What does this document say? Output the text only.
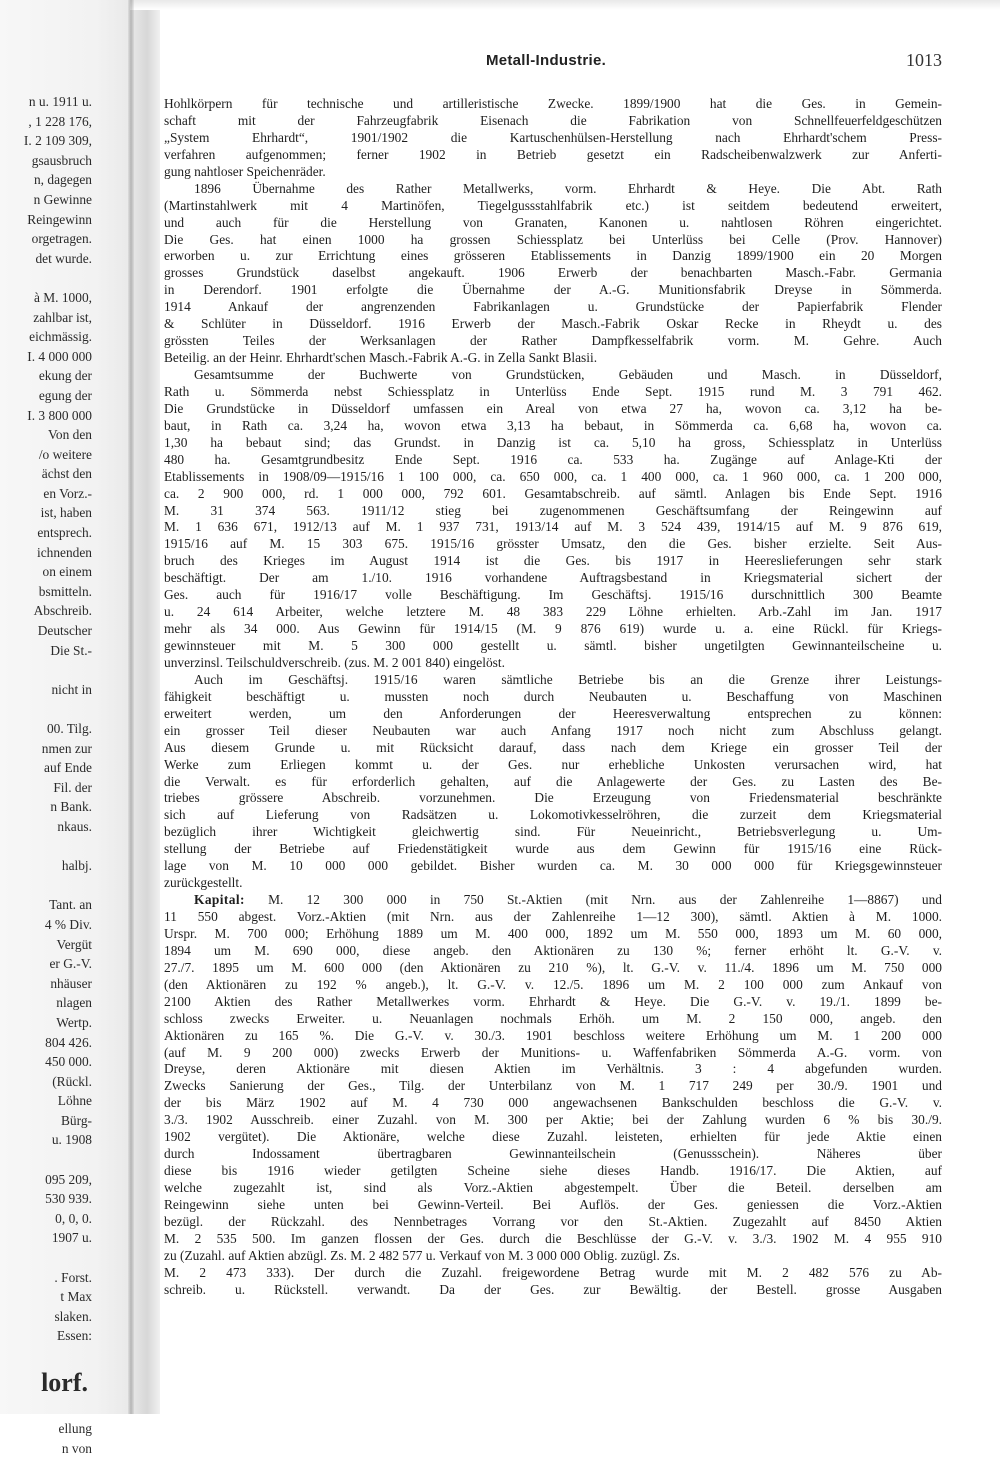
n u. 1911 u.
, 1 228 176,
I. 2 109 309,
gsausbruch
n, dagegen
n Gewinne
Reingewinn
orgetragen.
det wurde.
à M. 1000,
zahlbar ist,
eichmässig.
I. 4 000 000
ekung der
egung der
I. 3 800 000
Von den
/o weitere
ächst den
en Vorz.-
ist, haben
entsprech.
ichnenden
on einem
bsmitteln.
Abschreib.
Deutscher
Die St.-
nicht in
00. Tilg.
nmen zur
auf Ende
Fil. der
n Bank.
nkaus.
halbj.
Tant. an
4 % Div.
Vergüt
er G.-V.
nhäuser
nlagen
Wertp.
804 426.
450 000.
(Rückl.
Löhne
Bürg-
u. 1908
095 209,
530 939.
0, 0, 0.
1907 u.
. Forst.
t Max
slaken.
Essen:
lorf.
ellung
n von
Metall-Industrie.	1013
Hohlkörpern für technische und artilleristische Zwecke. 1899/1900 hat die Ges. in Gemein-
schaft mit der Fahrzeugfabrik Eisenach die Fabrikation von Schnellfeuerfeldgeschützen
„System Ehrhardt“, 1901/1902 die Kartuschenhülsen-Herstellung nach Ehrhardt'schem Press-
verfahren aufgenommen; ferner 1902 in Betrieb gesetzt ein Radscheibenwalzwerk zur Anferti-
gung nahtloser Speichenräder.
1896 Übernahme des Rather Metallwerks, vorm. Ehrhardt & Heye. Die Abt. Rath
(Martinstahlwerk mit 4 Martinöfen, Tiegelgussstahlfabrik etc.) ist seitdem bedeutend erweitert,
und auch für die Herstellung von Granaten, Kanonen u. nahtlosen Röhren eingerichtet.
Die Ges. hat einen 1000 ha grossen Schiessplatz bei Unterlüss bei Celle (Prov. Hannover)
erworben u. zur Errichtung eines grösseren Etablissements in Danzig 1899/1900 ein 20 Morgen
grosses Grundstück daselbst angekauft. 1906 Erwerb der benachbarten Masch.-Fabr. Germania
in Derendorf. 1901 erfolgte die Übernahme der A.-G. Munitionsfabrik Dreyse in Sömmerda.
1914 Ankauf der angrenzenden Fabrikanlagen u. Grundstücke der Papierfabrik Flender
& Schlüter in Düsseldorf. 1916 Erwerb der Masch.-Fabrik Oskar Recke in Rheydt u. des
grössten Teiles der Werksanlagen der Rather Dampfkesselfabrik vorm. M. Gehre. Auch
Beteilig. an der Heinr. Ehrhardt'schen Masch.-Fabrik A.-G. in Zella Sankt Blasii.
Gesamtsumme der Buchwerte von Grundstücken, Gebäuden und Masch. in Düsseldorf,
Rath u. Sömmerda nebst Schiessplatz in Unterlüss Ende Sept. 1915 rund M. 3 791 462.
Die Grundstücke in Düsseldorf umfassen ein Areal von etwa 27 ha, wovon ca. 3,12 ha be-
baut, in Rath ca. 3,24 ha, wovon etwa 3,13 ha bebaut, in Sömmerda ca. 6,68 ha, wovon ca.
1,30 ha bebaut sind; das Grundst. in Danzig ist ca. 5,10 ha gross, Schiessplatz in Unterlüss
480 ha. Gesamtgrundbesitz Ende Sept. 1916 ca. 533 ha. Zugänge auf Anlage-Kti der
Etablissements in 1908/09—1915/16 1 100 000, ca. 650 000, ca. 1 400 000, ca. 1 960 000, ca. 1 200 000,
ca. 2 900 000, rd. 1 000 000, 792 601. Gesamtabschreib. auf sämtl. Anlagen bis Ende Sept. 1916
M. 31 374 563. 1911/12 stieg bei zugenommenen Geschäftsumfang der Reingewinn auf
M. 1 636 671, 1912/13 auf M. 1 937 731, 1913/14 auf M. 3 524 439, 1914/15 auf M. 9 876 619,
1915/16 auf M. 15 303 675. 1915/16 grösster Umsatz, den die Ges. bisher erzielte. Seit Aus-
bruch des Krieges im August 1914 ist die Ges. bis 1917 in Heereslieferungen sehr stark
beschäftigt. Der am 1./10. 1916 vorhandene Auftragsbestand in Kriegsmaterial sichert der
Ges. auch für 1916/17 volle Beschäftigung. Im Geschäftsj. 1915/16 durschnittlich 300 Beamte
u. 24 614 Arbeiter, welche letztere M. 48 383 229 Löhne erhielten. Arb.-Zahl im Jan. 1917
mehr als 34 000. Aus Gewinn für 1914/15 (M. 9 876 619) wurde u. a. eine Rückl. für Kriegs-
gewinnsteuer mit M. 5 300 000 gestellt u. sämtl. bisher ungetilgten Gewinnanteilscheine u.
unverzinsl. Teilschuldverschreib. (zus. M. 2 001 840) eingelöst.
Auch im Geschäftsj. 1915/16 waren sämtliche Betriebe bis an die Grenze ihrer Leistungs-
fähigkeit beschäftigt u. mussten noch durch Neubauten u. Beschaffung von Maschinen
erweitert werden, um den Anforderungen der Heeresverwaltung entsprechen zu können:
ein grosser Teil dieser Neubauten war auch Anfang 1917 noch nicht zum Abschluss gelangt.
Aus diesem Grunde u. mit Rücksicht darauf, dass nach dem Kriege ein grosser Teil der
Werke zum Erliegen kommt u. der Ges. nur erhebliche Unkosten verursachen wird, hat
die Verwalt. es für erforderlich gehalten, auf die Anlagewerte der Ges. zu Lasten des Be-
triebes grössere Abschreib. vorzunehmen. Die Erzeugung von Friedensmaterial beschränkte
sich auf Lieferung von Radsätzen u. Lokomotivkesselröhren, die zurzeit dem Kriegsmaterial
bezüglich ihrer Wichtigkeit gleichwertig sind. Für Neueinricht., Betriebsverlegung u. Um-
stellung der Betriebe auf Friedenstätigkeit wurde aus dem Gewinn für 1915/16 eine Rück-
lage von M. 10 000 000 gebildet. Bisher wurden ca. M. 30 000 000 für Kriegsgewinnsteuer
zurückgestellt.
Kapital: M. 12 300 000 in 750 St.-Aktien (mit Nrn. aus der Zahlenreihe 1—8867) und
11 550 abgest. Vorz.-Aktien (mit Nrn. aus der Zahlenreihe 1—12 300), sämtl. Aktien à M. 1000.
Urspr. M. 700 000; Erhöhung 1889 um M. 400 000, 1892 um M. 550 000, 1893 um M. 60 000,
1894 um M. 690 000, diese angeb. den Aktionären zu 130 %; ferner erhöht lt. G.-V. v.
27./7. 1895 um M. 600 000 (den Aktionären zu 210 %), lt. G.-V. v. 11./4. 1896 um M. 750 000
(den Aktionären zu 192 % angeb.), lt. G.-V. v. 12./5. 1896 um M. 2 100 000 zum Ankauf von
2100 Aktien des Rather Metallwerkes vorm. Ehrhardt & Heye. Die G.-V. v. 19./1. 1899 be-
schloss zwecks Erweiter. u. Neuanlagen nochmals Erhöh. um M. 2 150 000, angeb. den
Aktionären zu 165 %. Die G.-V. v. 30./3. 1901 beschloss weitere Erhöhung um M. 1 200 000
(auf M. 9 200 000) zwecks Erwerb der Munitions- u. Waffenfabriken Sömmerda A.-G. vorm. von
Dreyse, deren Aktionäre mit diesen Aktien im Verhältnis. 3 : 4 abgefunden wurden.
Zwecks Sanierung der Ges., Tilg. der Unterbilanz von M. 1 717 249 per 30./9. 1901 und
der bis März 1902 auf M. 4 730 000 angewachsenen Bankschulden beschloss die G.-V. v.
3./3. 1902 Ausschreib. einer Zuzahl. von M. 300 per Aktie; bei der Zahlung wurden 6 % bis 30./9.
1902 vergütet). Die Aktionäre, welche diese Zuzahl. leisteten, erhielten für jede Aktie einen
durch Indossament übertragbaren Gewinnanteilschein (Genussschein). Näheres über
diese bis 1916 wieder getilgten Scheine siehe dieses Handb. 1916/17. Die Aktien, auf
welche zugezahlt ist, sind als Vorz.-Aktien abgestempelt. Über die Beteil. derselben am
Reingewinn siehe unten bei Gewinn-Verteil. Bei Auflös. der Ges. geniessen die Vorz.-Aktien
bezügl. der Rückzahl. des Nennbetrages Vorrang vor den St.-Aktien. Zugezahlt auf 8450 Aktien
M. 2 535 500. Im ganzen flossen der Ges. durch die Beschlüsse der G.-V. v. 3./3. 1902 M. 4 955 910
zu (Zuzahl. auf Aktien abzügl. Zs. M. 2 482 577 u. Verkauf von M. 3 000 000 Oblig. zuzügl. Zs.
M. 2 473 333). Der durch die Zuzahl. freigewordene Betrag wurde mit M. 2 482 576 zu Ab-
schreib. u. Rückstell. verwandt. Da der Ges. zur Bewältig. der Bestell. grosse Ausgaben
